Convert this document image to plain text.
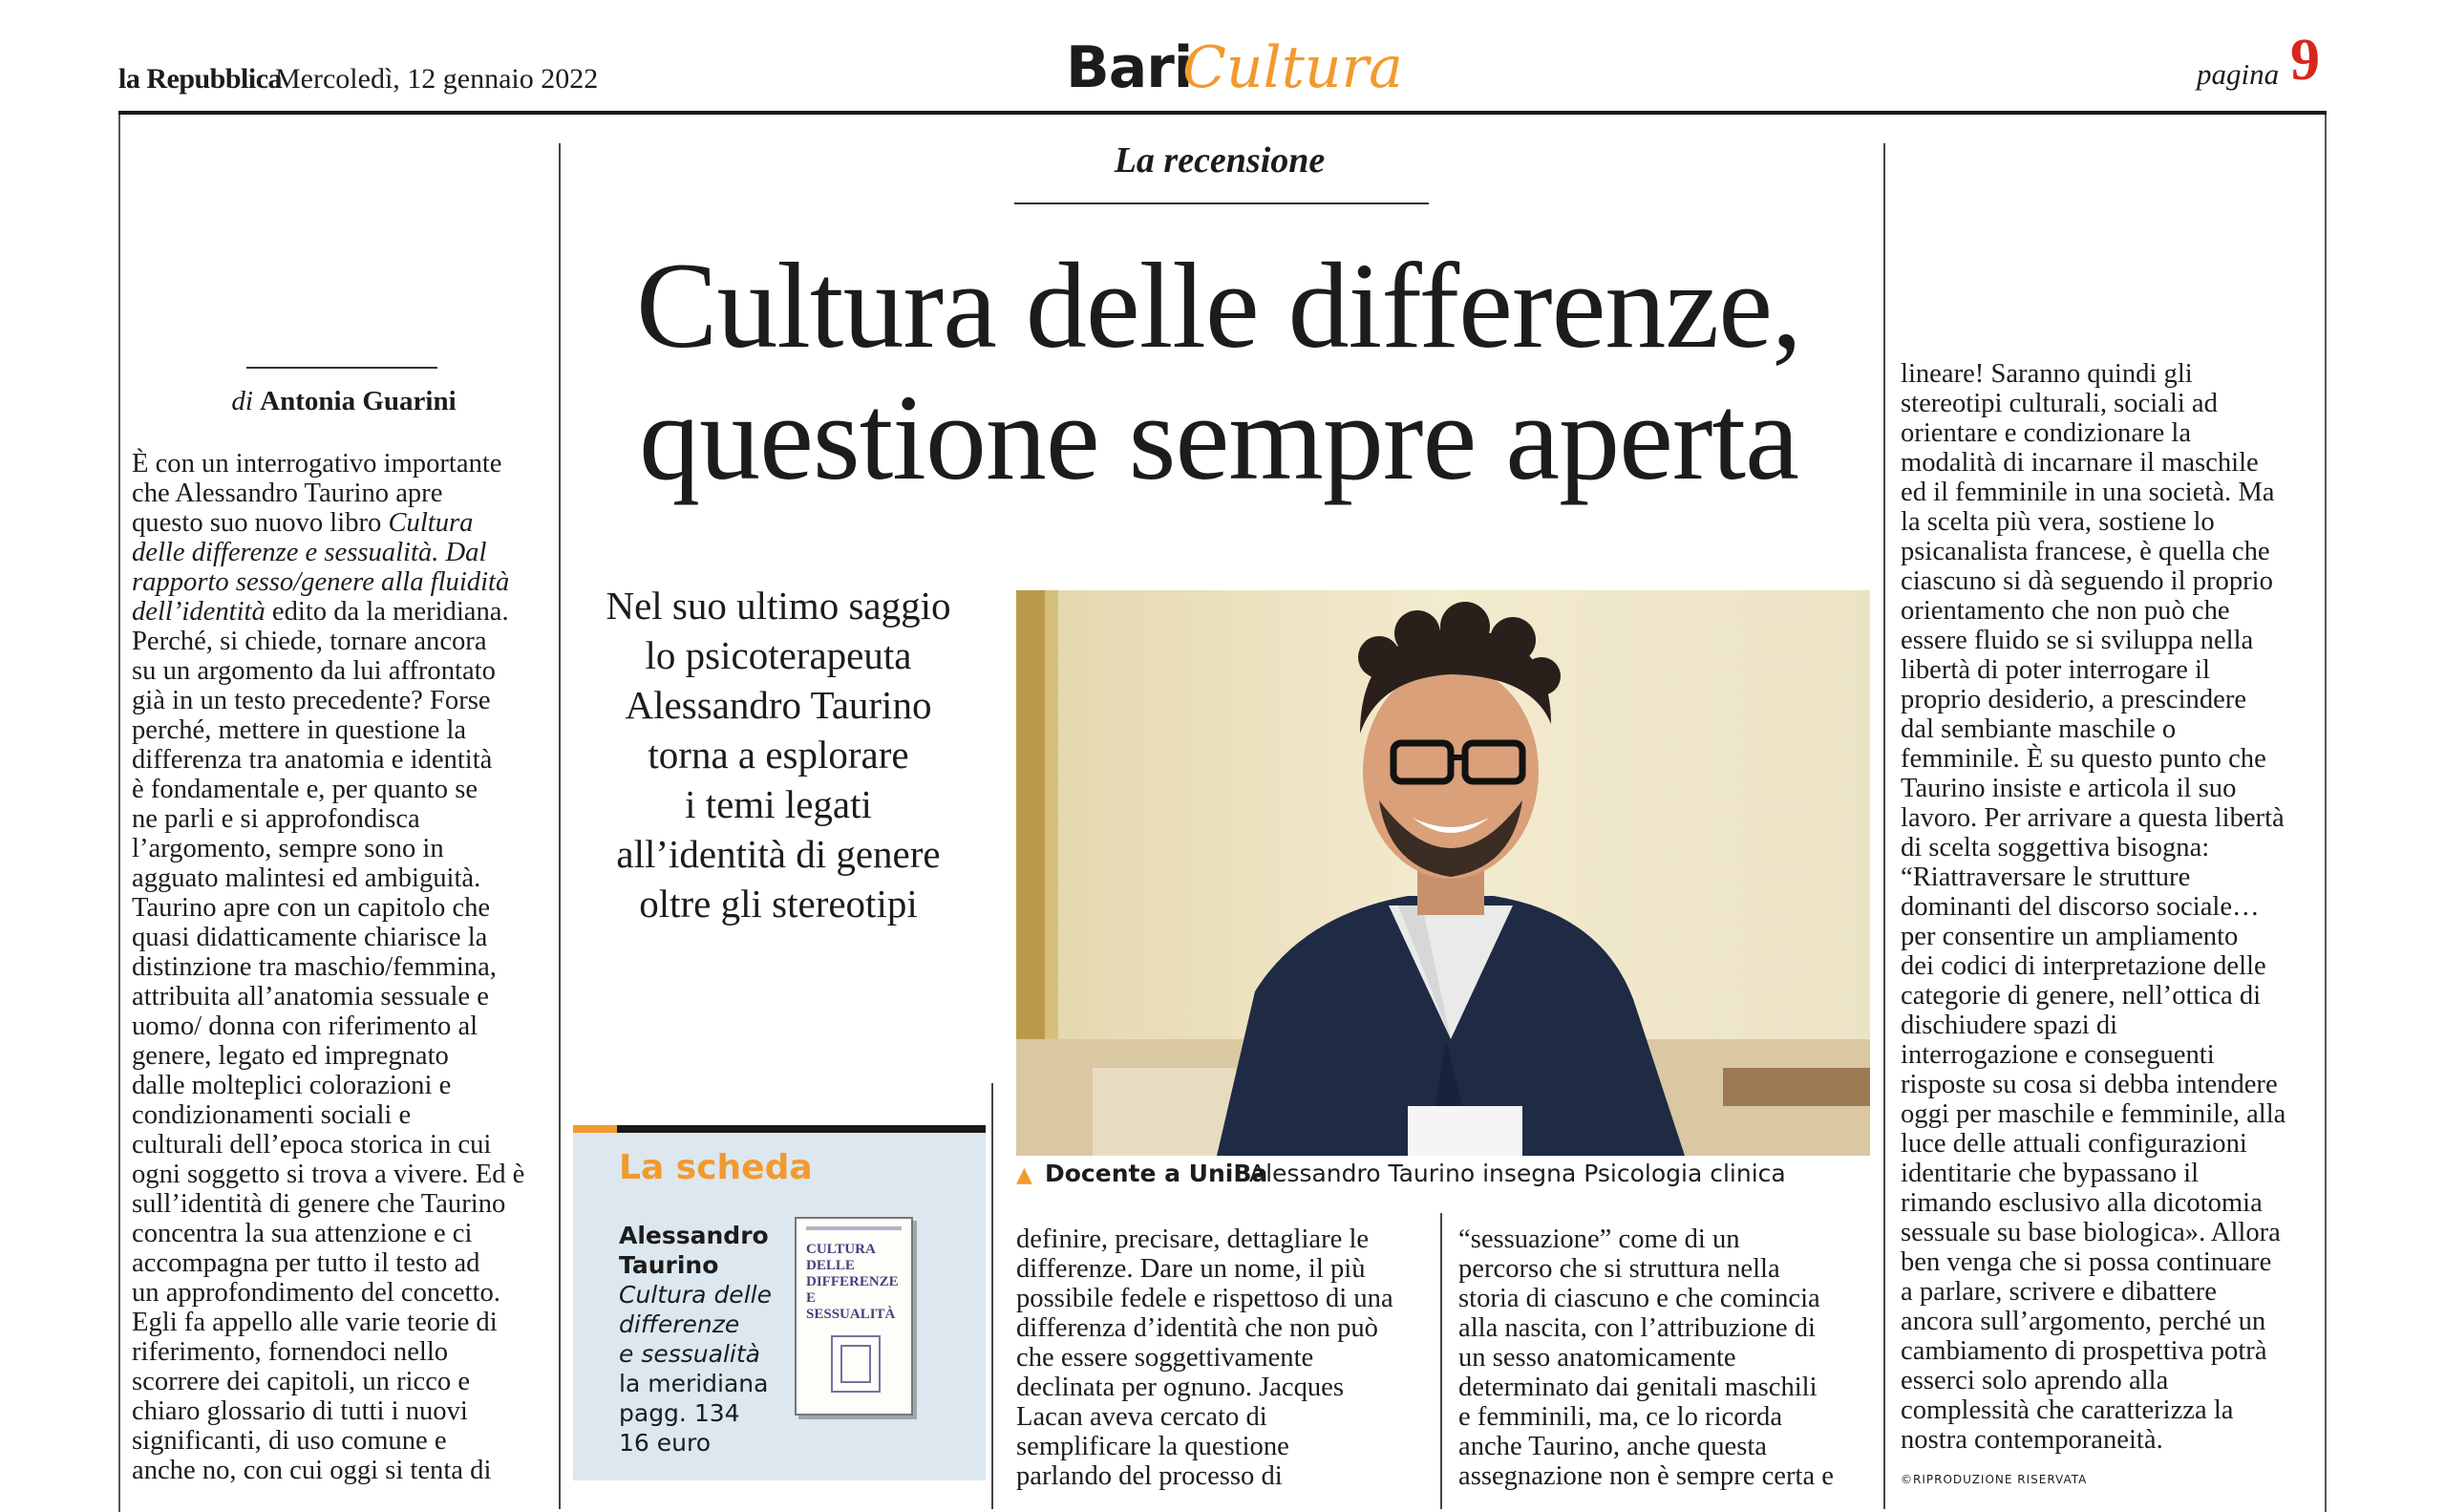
la Repubblica
Mercoledì, 12 gennaio 2022	Bari
Cultura	pagina 9
La recensione
Cultura delle differenze,
questione sempre aperta
di Antonia Guarini
È con un interrogativo importante
che Alessandro Taurino apre
questo suo nuovo libro Cultura
delle differenze e sessualità. Dal
rapporto sesso/genere alla fluidità
dell’identità edito da la meridiana.
Perché, si chiede, tornare ancora
su un argomento da lui affrontato
già in un testo precedente? Forse
perché, mettere in questione la
differenza tra anatomia e identità
è fondamentale e, per quanto se
ne parli e si approfondisca
l’argomento, sempre sono in
agguato malintesi ed ambiguità.
Taurino apre con un capitolo che
quasi didatticamente chiarisce la
distinzione tra maschio/femmina,
attribuita all’anatomia sessuale e
uomo/ donna con riferimento al
genere, legato ed impregnato
dalle molteplici colorazioni e
condizionamenti sociali e
culturali dell’epoca storica in cui
ogni soggetto si trova a vivere. Ed è
sull’identità di genere che Taurino
concentra la sua attenzione e ci
accompagna per tutto il testo ad
un approfondimento del concetto.
Egli fa appello alle varie teorie di
riferimento, fornendoci nello
scorrere dei capitoli, un ricco e
chiaro glossario di tutti i nuovi
significanti, di uso comune e
anche no, con cui oggi si tenta di
definire, precisare, dettagliare le
differenze. Dare un nome, il più
possibile fedele e rispettoso di una
differenza d’identità che non può
che essere soggettivamente
declinata per ognuno. Jacques
Lacan aveva cercato di
semplificare la questione
parlando del processo di
“sessuazione” come di un
percorso che si struttura nella
storia di ciascuno e che comincia
alla nascita, con l’attribuzione di
un sesso anatomicamente
determinato dai genitali maschili
e femminili, ma, ce lo ricorda
anche Taurino, anche questa
assegnazione non è sempre certa e
lineare! Saranno quindi gli
stereotipi culturali, sociali ad
orientare e condizionare la
modalità di incarnare il maschile
ed il femminile in una società. Ma
la scelta più vera, sostiene lo
psicanalista francese, è quella che
ciascuno si dà seguendo il proprio
orientamento che non può che
essere fluido se si sviluppa nella
libertà di poter interrogare il
proprio desiderio, a prescindere
dal sembiante maschile o
femminile. È su questo punto che
Taurino insiste e articola il suo
lavoro. Per arrivare a questa libertà
di scelta soggettiva bisogna:
“Riattraversare le strutture
dominanti del discorso sociale…
per consentire un ampliamento
dei codici di interpretazione delle
categorie di genere, nell’ottica di
dischiudere spazi di
interrogazione e conseguenti
risposte su cosa si debba intendere
oggi per maschile e femminile, alla
luce delle attuali configurazioni
identitarie che bypassano il
rimando esclusivo alla dicotomia
sessuale su base biologica». Allora
ben venga che si possa continuare
a parlare, scrivere e dibattere
ancora sull’argomento, perché un
cambiamento di prospettiva potrà
esserci solo aprendo alla
complessità che caratterizza la
nostra contemporaneità.
Nel suo ultimo saggio
lo psicoterapeuta
Alessandro Taurino
torna a esplorare
i temi legati
all’identità di genere
oltre gli stereotipi
▲ Docente a UniBa
Alessandro Taurino insegna Psicologia clinica
La scheda
Alessandro
Taurino
Cultura delle
differenze
e sessualità
la meridiana
pagg. 134
16 euro
CULTURA DELLE DIFFERENZE E SESSUALITÀ
©RIPRODUZIONE RISERVATA
